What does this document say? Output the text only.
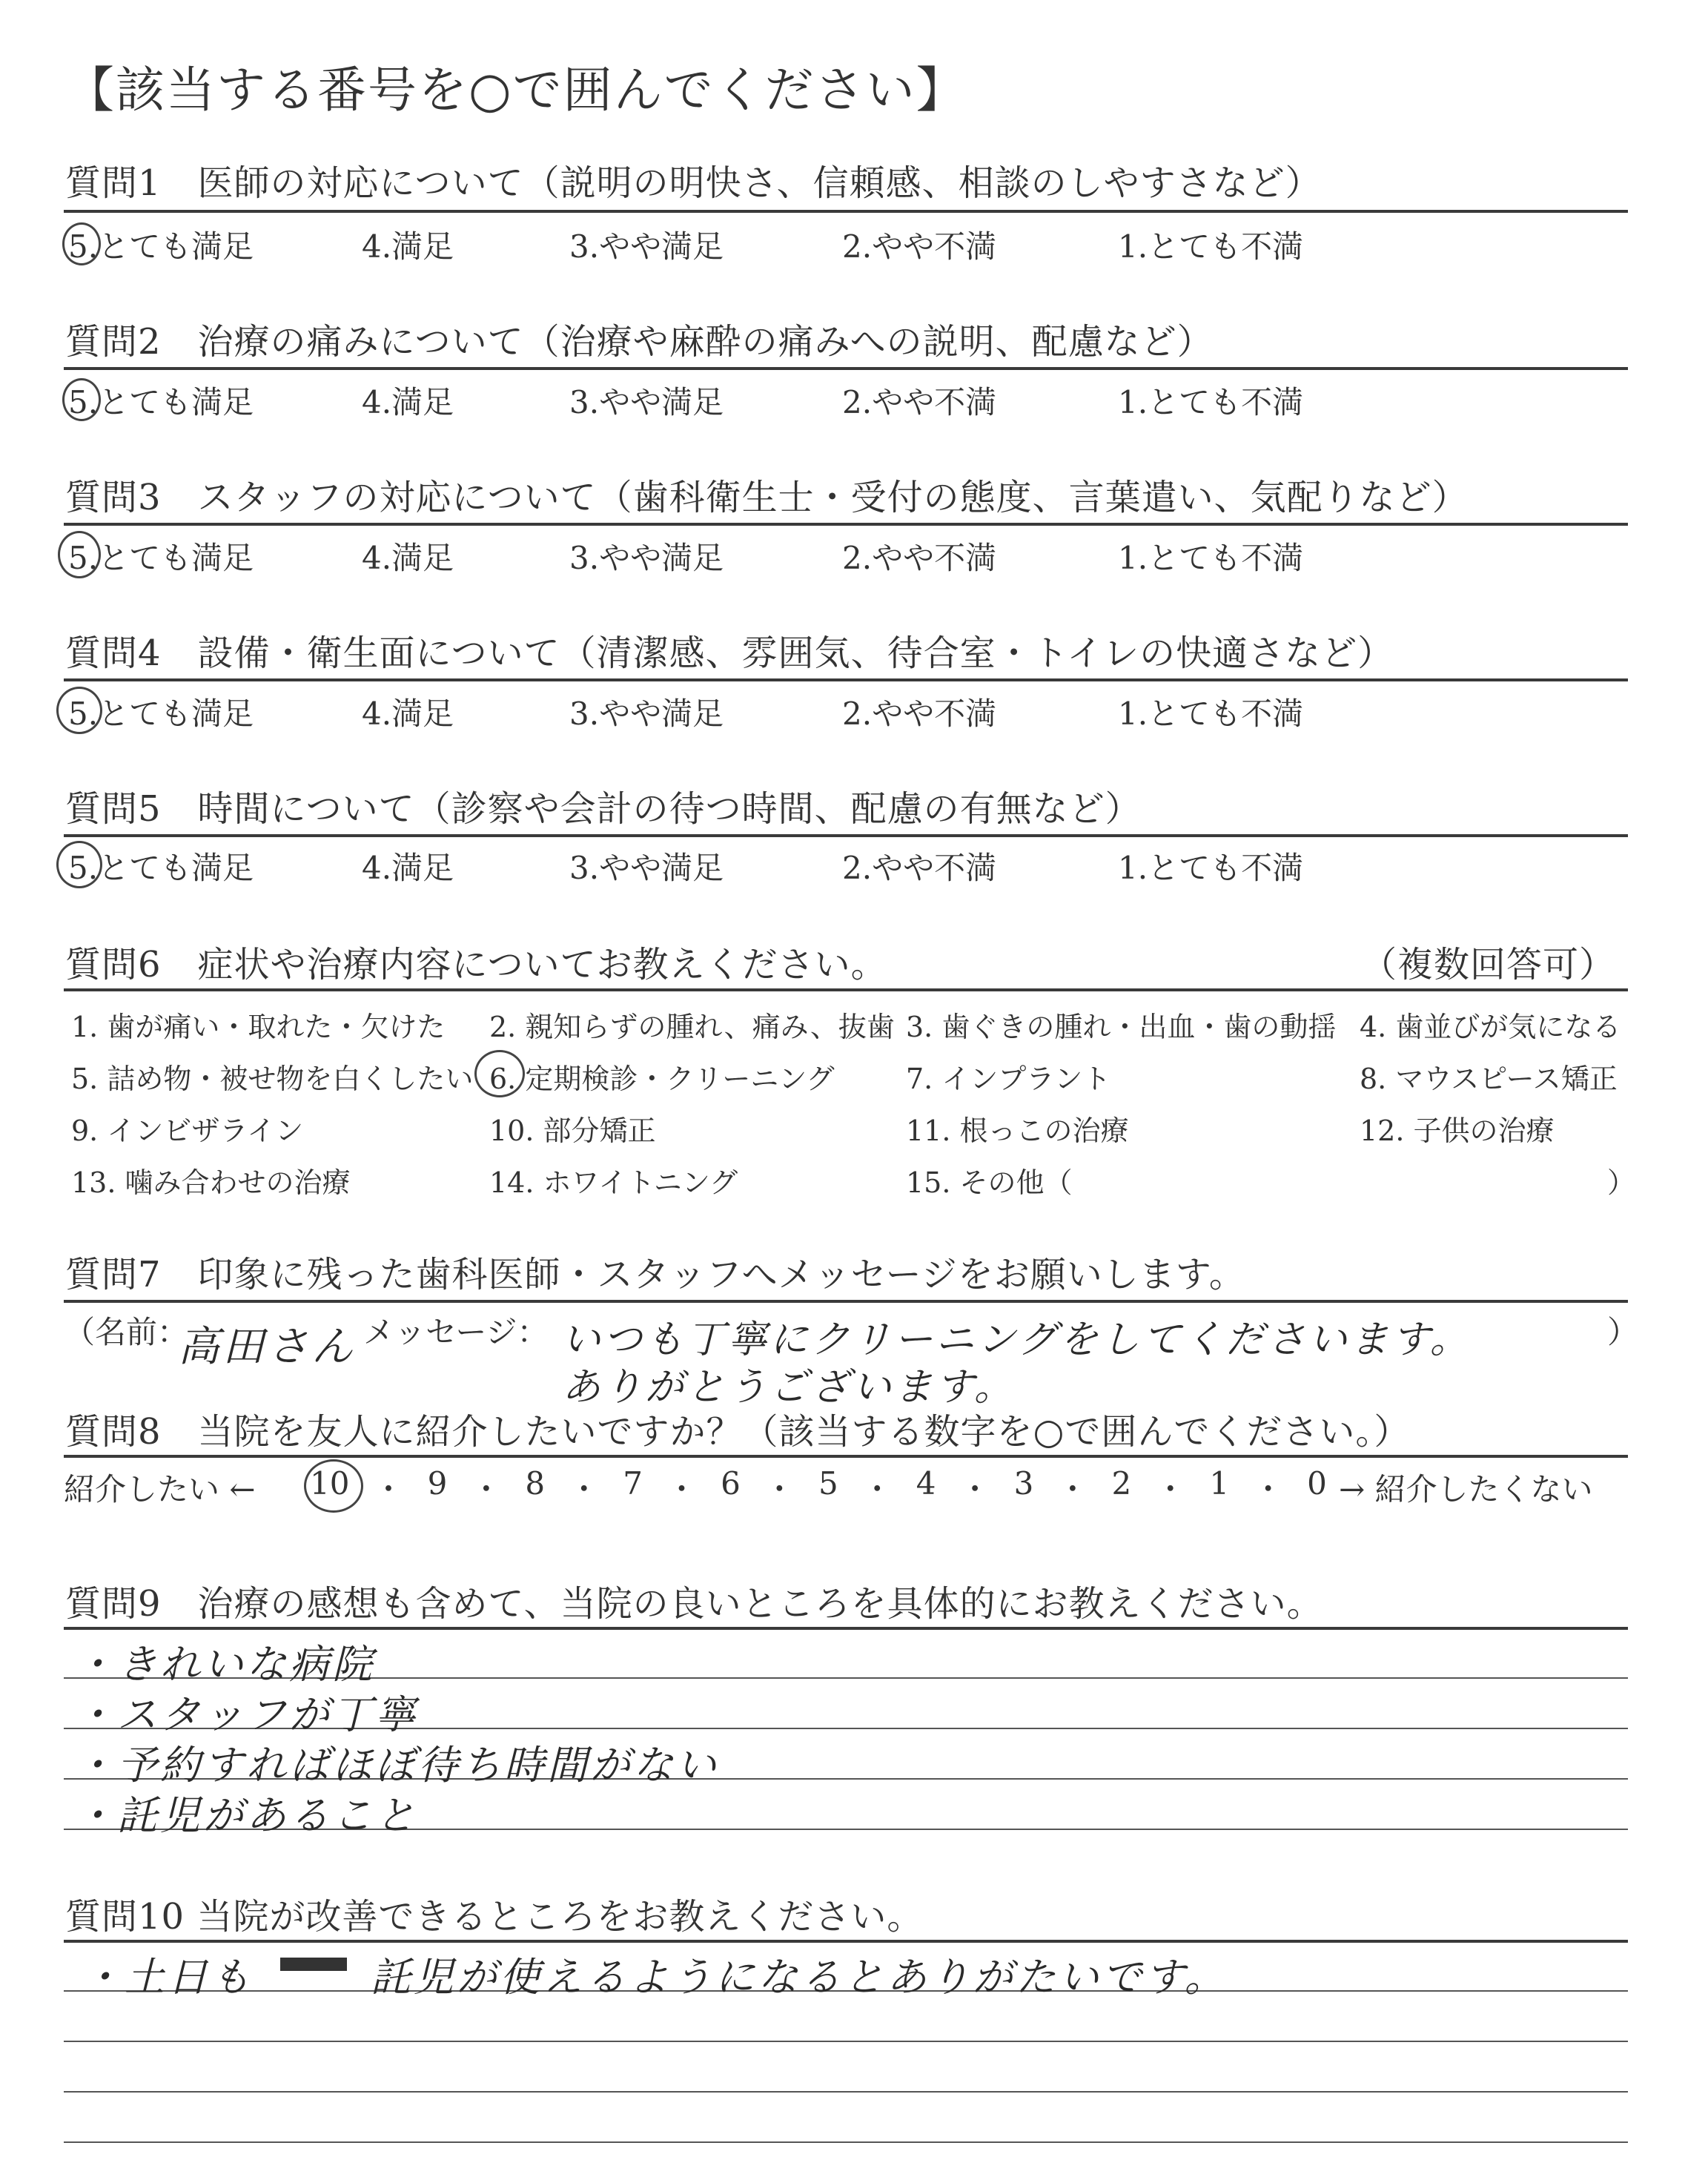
【該当する番号を○で囲んでください】
質問1　医師の対応について（説明の明快さ、信頼感、相談のしやすさなど）
5.とても満足	4.満足	3.やや満足	2.やや不満	1.とても不満
質問2　治療の痛みについて（治療や麻酔の痛みへの説明、配慮など）
5.とても満足	4.満足	3.やや満足	2.やや不満	1.とても不満
質問3　スタッフの対応について（歯科衛生士・受付の態度、言葉遣い、気配りなど）
5.とても満足	4.満足	3.やや満足	2.やや不満	1.とても不満
質問4　設備・衛生面について（清潔感、雰囲気、待合室・トイレの快適さなど）
5.とても満足	4.満足	3.やや満足	2.やや不満	1.とても不満
質問5　時間について（診察や会計の待つ時間、配慮の有無など）
5.とても満足	4.満足	3.やや満足	2.やや不満	1.とても不満
質問6　症状や治療内容についてお教えください。	（複数回答可）
1. 歯が痛い・取れた・欠けた 2. 親知らずの腫れ、痛み、抜歯 3. 歯ぐきの腫れ・出血・歯の動揺 4. 歯並びが気になる
5. 詰め物・被せ物を白くしたい 6. 定期検診・クリーニング	7. インプラント	8. マウスピース矯正
9. インビザライン	10. 部分矯正	11. 根っこの治療	12. 子供の治療
13. 噛み合わせの治療	14. ホワイトニング	15. その他（	）
質問7　印象に残った歯科医師・スタッフへメッセージをお願いします。
（名前：
高田さん メッセージ： いつも丁寧にクリーニングをしてくださいます。
ありがとうございます。
）
質問8　当院を友人に紹介したいですか？（該当する数字を○で囲んでください。）
紹介したい ← 10 ・ 9 ・ 8 ・ 7 ・ 6 ・ 5 ・ 4 ・ 3 ・ 2 ・ 1 ・ 0 → 紹介したくない
質問9　治療の感想も含めて、当院の良いところを具体的にお教えください。
・きれいな病院
・スタッフが丁寧
・予約すればほぼ待ち時間がない
・託児があること
質問10 当院が改善できるところをお教えください。
・土日も	託児が使えるようになるとありがたいです。
